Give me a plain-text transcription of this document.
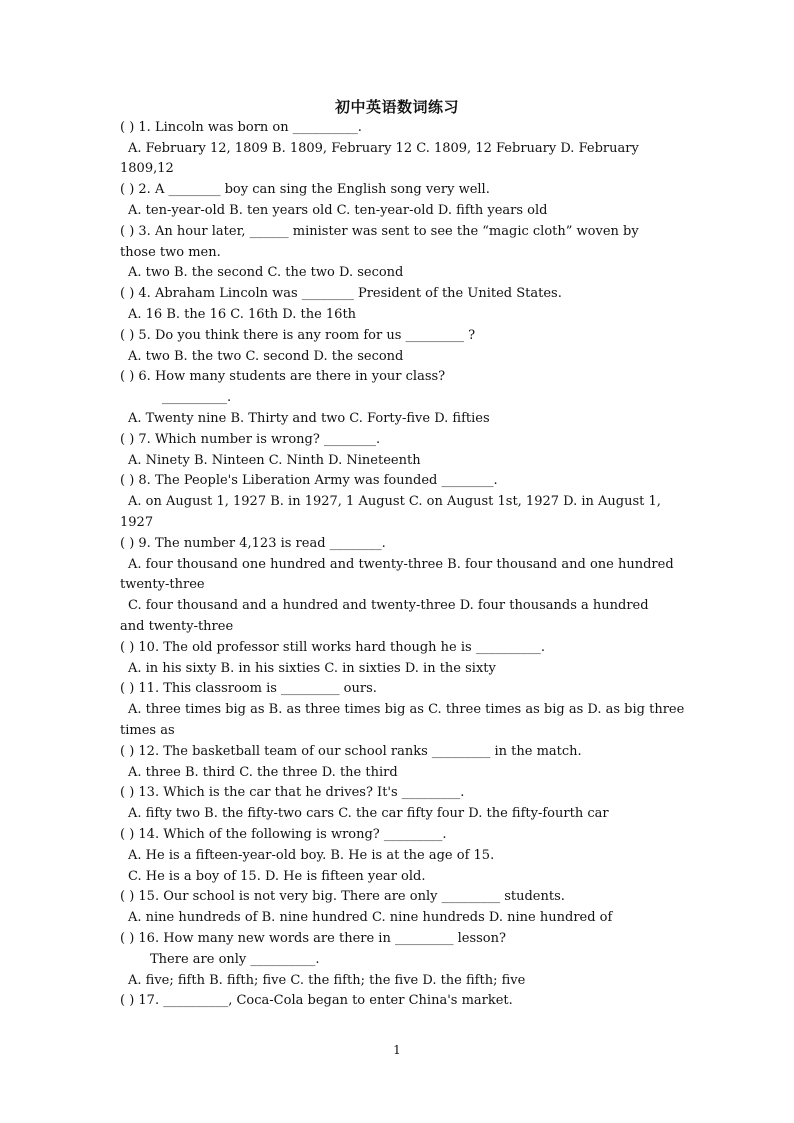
初中英语数词练习
( ) 1. Lincoln was born on __________.
A. February 12, 1809 B. 1809, February 12 C. 1809, 12 February D. February
1809,12
( ) 2. A ________ boy can sing the English song very well.
A. ten-year-old B. ten years old C. ten-year-old D. fifth years old
( ) 3. An hour later, ______ minister was sent to see the “magic cloth” woven by
those two men.
A. two B. the second C. the two D. second
( ) 4. Abraham Lincoln was ________ President of the United States.
A. 16 B. the 16 C. 16th D. the 16th
( ) 5. Do you think there is any room for us _________ ?
A. two B. the two C. second D. the second
( ) 6. How many students are there in your class?
__________.
A. Twenty nine B. Thirty and two C. Forty-five D. fifties
( ) 7. Which number is wrong? ________.
A. Ninety B. Ninteen C. Ninth D. Nineteenth
( ) 8. The People's Liberation Army was founded ________.
A. on August 1, 1927 B. in 1927, 1 August C. on August 1st, 1927 D. in August 1,
1927
( ) 9. The number 4,123 is read ________.
A. four thousand one hundred and twenty-three B. four thousand and one hundred
twenty-three
C. four thousand and a hundred and twenty-three D. four thousands a hundred
and twenty-three
( ) 10. The old professor still works hard though he is __________.
A. in his sixty B. in his sixties C. in sixties D. in the sixty
( ) 11. This classroom is _________ ours.
A. three times big as B. as three times big as C. three times as big as D. as big three
times as
( ) 12. The basketball team of our school ranks _________ in the match.
A. three B. third C. the three D. the third
( ) 13. Which is the car that he drives? It's _________.
A. fifty two B. the fifty-two cars C. the car fifty four D. the fifty-fourth car
( ) 14. Which of the following is wrong? _________.
A. He is a fifteen-year-old boy. B. He is at the age of 15.
C. He is a boy of 15. D. He is fifteen year old.
( ) 15. Our school is not very big. There are only _________ students.
A. nine hundreds of B. nine hundred C. nine hundreds D. nine hundred of
( ) 16. How many new words are there in _________ lesson?
There are only __________.
A. five; fifth B. fifth; five C. the fifth; the five D. the fifth; five
( ) 17. __________, Coca-Cola began to enter China's market.
1
